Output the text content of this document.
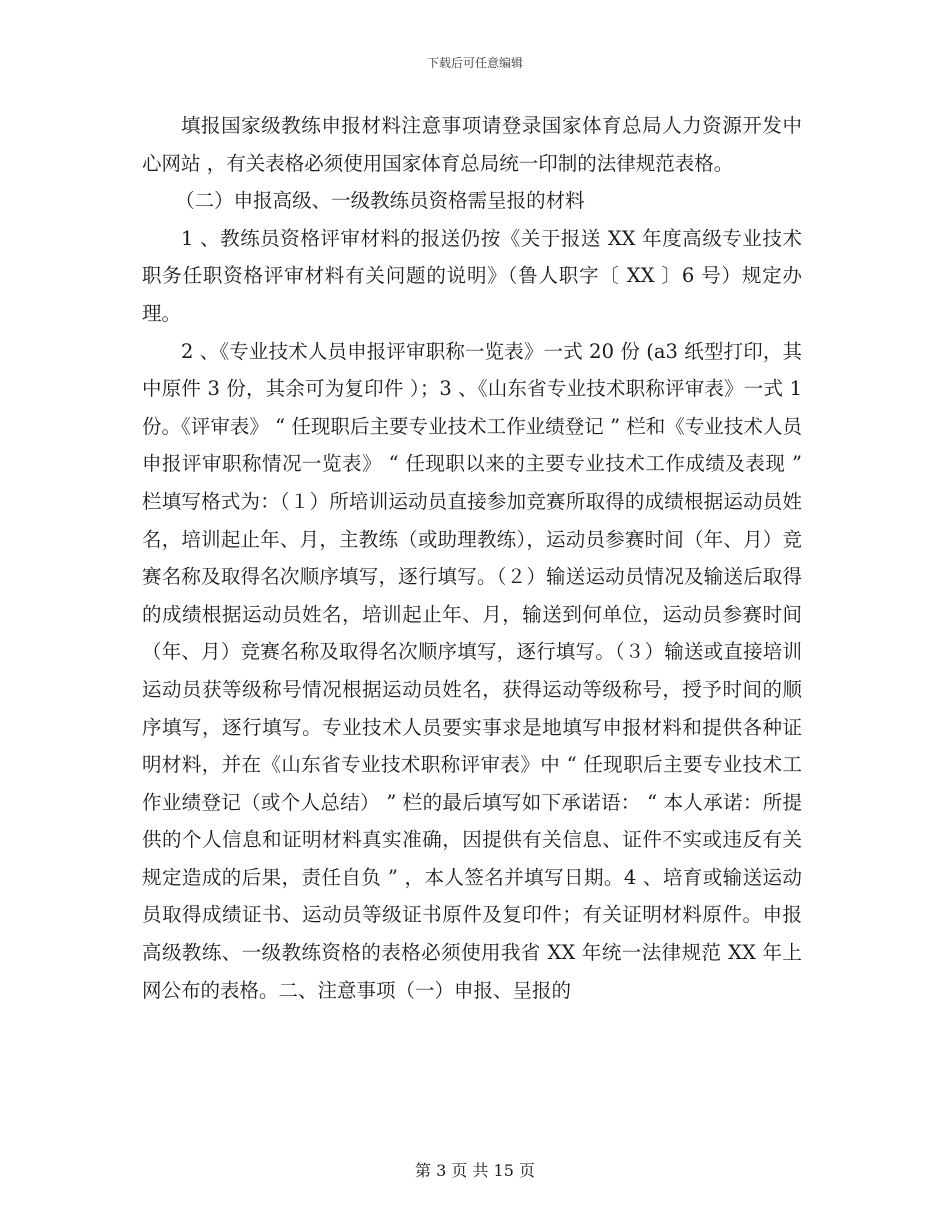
下载后可任意编辑

填报国家级教练申报材料注意事项请登录国家体育总局人力资源开发中心网站 ，有关表格必须使用国家体育总局统一印制的法律规范表格。

（二）申报高级、一级教练员资格需呈报的材料

1 、教练员资格评审材料的报送仍按《关于报送 XX 年度高级专业技术职务任职资格评审材料有关问题的说明》（鲁人职字〔 XX 〕6 号）规定办理。

2 、《专业技术人员申报评审职称一览表》一式 20 份 (a3 纸型打印，其中原件 3 份，其余可为复印件 ）；3 、《山东省专业技术职称评审表》一式 1 份。《评审表》 “ 任现职后主要专业技术工作业绩登记 ” 栏和《专业技术人员申报评审职称情况一览表》 “ 任现职以来的主要专业技术工作成绩及表现 ” 栏填写格式为：（１）所培训运动员直接参加竞赛所取得的成绩根据运动员姓名，培训起止年、月，主教练（或助理教练），运动员参赛时间（年、月）竞赛名称及取得名次顺序填写，逐行填写。（２）输送运动员情况及输送后取得的成绩根据运动员姓名，培训起止年、月，输送到何单位，运动员参赛时间（年、月）竞赛名称及取得名次顺序填写，逐行填写。（３）输送或直接培训运动员获等级称号情况根据运动员姓名，获得运动等级称号，授予时间的顺序填写，逐行填写。专业技术人员要实事求是地填写申报材料和提供各种证明材料，并在《山东省专业技术职称评审表》中 “ 任现职后主要专业技术工作业绩登记（或个人总结） ” 栏的最后填写如下承诺语： “ 本人承诺：所提供的个人信息和证明材料真实准确，因提供有关信息、证件不实或违反有关规定造成的后果，责任自负 ” ，本人签名并填写日期。4 、培育或输送运动员取得成绩证书、运动员等级证书原件及复印件；有关证明材料原件。申报高级教练、一级教练资格的表格必须使用我省 XX 年统一法律规范 XX 年上网公布的表格。二、注意事项（一）申报、呈报的

第 3 页 共 15 页
